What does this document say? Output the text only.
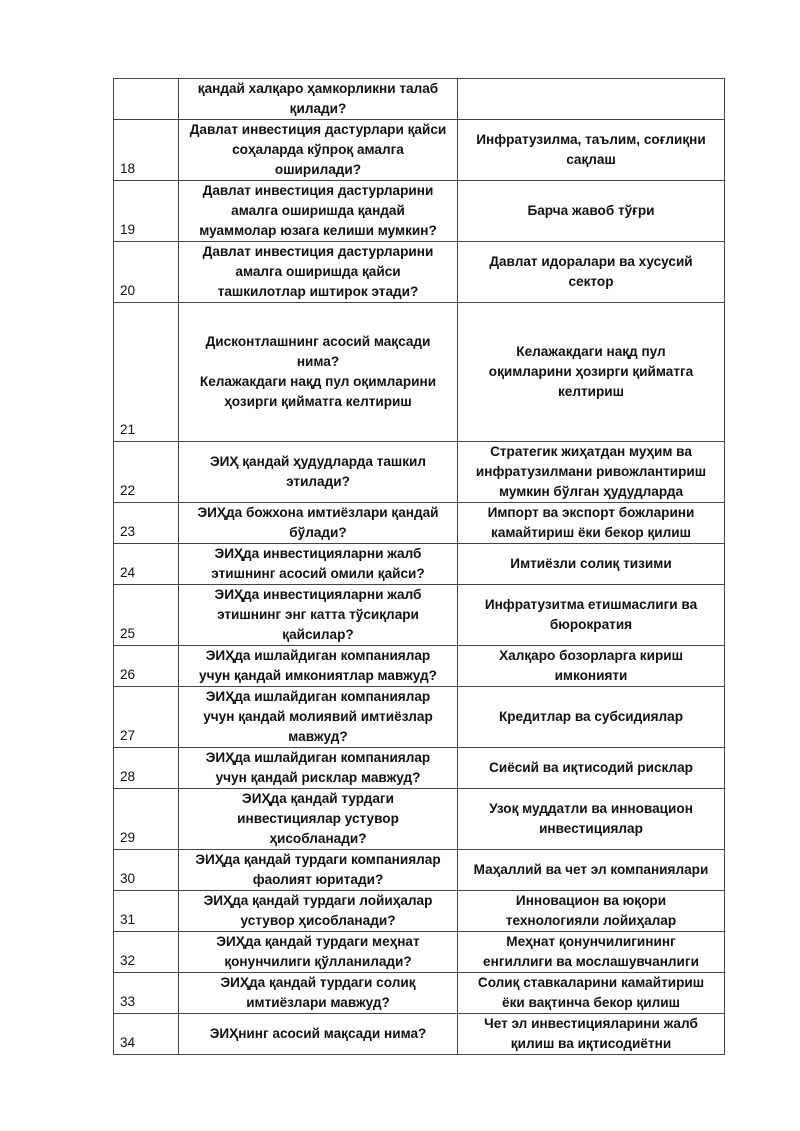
	қандай халқаро ҳамкорликни талаб
қилади?	

18	Давлат инвестиция дастурлари қайси
соҳаларда кўпроқ амалга
оширилади?	Инфратузилма, таълим, соғлиқни
сақлаш

19	Давлат инвестиция дастурларини
амалга оширишда қандай
муаммолар юзага келиши мумкин?	Барча жавоб тўғри

20	Давлат инвестиция дастурларини
амалга оширишда қайси
ташкилотлар иштирок этади?	Давлат идоралари ва хусусий
сектор

21	Дисконтлашнинг асосий мақсади
нима?
Келажакдаги нақд пул оқимларини
ҳозирги қийматга келтириш	Келажакдаги нақд пул
оқимларини ҳозирги қийматга
келтириш

22	ЭИҲ қандай ҳудудларда ташкил
этилади?	Стратегик жиҳатдан муҳим ва
инфратузилмани ривожлантириш
мумкин бўлган ҳудудларда

23	ЭИҲда божхона имтиёзлари қандай
бўлади?	Импорт ва экспорт божларини
камайтириш ёки бекор қилиш

24	ЭИҲда инвестицияларни жалб
этишнинг асосий омили қайси?	Имтиёзли солиқ тизими

25	ЭИҲда инвестицияларни жалб
этишнинг энг катта тўсиқлари
қайсилар?	Инфратузитма етишмаслиги ва
бюрократия

26	ЭИҲда ишлайдиган компаниялар
учун қандай имкониятлар мавжуд?	Халқаро бозорларга кириш
имконияти

27	ЭИҲда ишлайдиган компаниялар
учун қандай молиявий имтиёзлар
мавжуд?	Кредитлар ва субсидиялар

28	ЭИҲда ишлайдиган компаниялар
учун қандай рисклар мавжуд?	Сиёсий ва иқтисодий рисклар

29	ЭИҲда қандай турдаги
инвестициялар устувор
ҳисобланади?	Узоқ муддатли ва инновацион
инвестициялар

30	ЭИҲда қандай турдаги компаниялар
фаолият юритади?	Маҳаллий ва чет эл компаниялари

31	ЭИҲда қандай турдаги лойиҳалар
устувор ҳисобланади?	Инновацион ва юқори
технологияли лойиҳалар

32	ЭИҲда қандай турдаги меҳнат
қонунчилиги қўлланилади?	Меҳнат қонунчилигининг
енгиллиги ва мослашувчанлиги

33	ЭИҲда қандай турдаги солиқ
имтиёзлари мавжуд?	Солиқ ставкаларини камайтириш
ёки вақтинча бекор қилиш

34	ЭИҲнинг асосий мақсади нима?	Чет эл инвестицияларини жалб
қилиш ва иқтисодиётни
